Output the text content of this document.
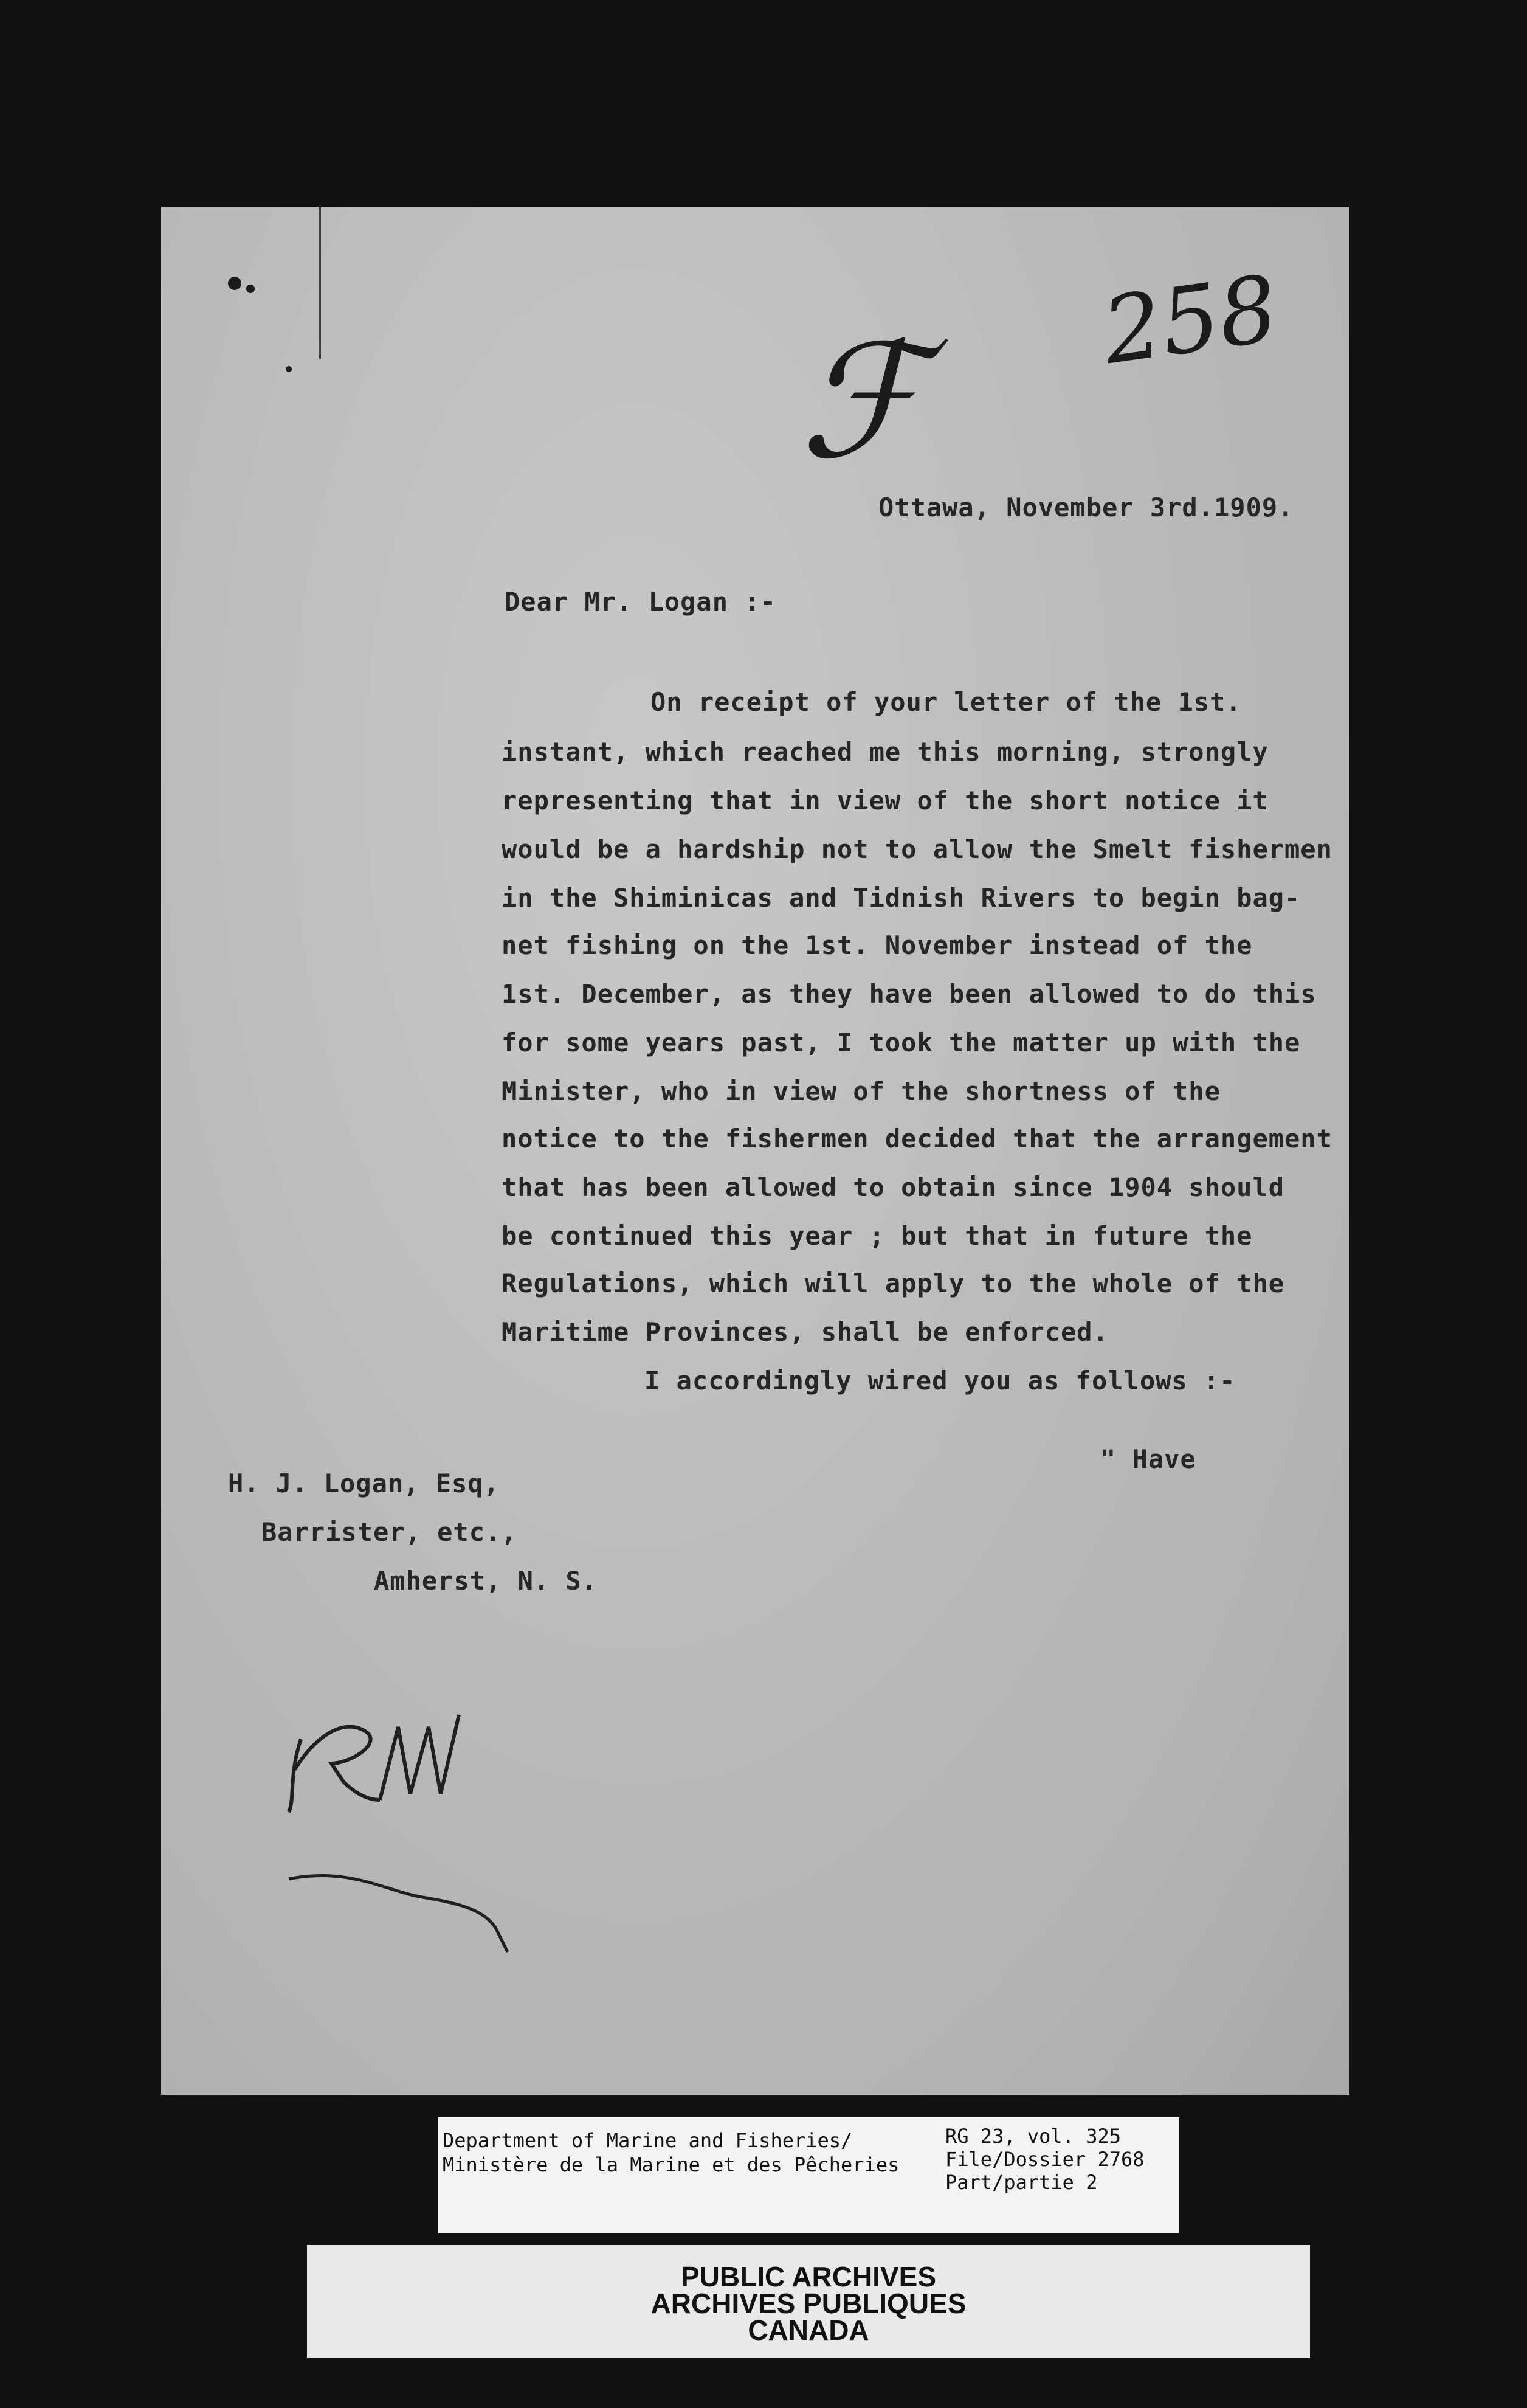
258
ℱ
Ottawa, November 3rd.1909.
Dear Mr. Logan :-
On receipt of your letter of the 1st.
instant, which reached me this morning, strongly
representing that in view of the short notice it
would be a hardship not to allow the Smelt fishermen
in the Shiminicas and Tidnish Rivers to begin bag-
net fishing on the 1st. November instead of the
1st. December, as they have been allowed to do this
for some years past, I took the matter up with the
Minister, who in view of the shortness of the
notice to the fishermen decided that the arrangement
that has been allowed to obtain since 1904 should
be continued this year ; but that in future the
Regulations, which will apply to the whole of the
Maritime Provinces, shall be enforced.
I accordingly wired you as follows :-
" Have
H. J. Logan, Esq,
Barrister, etc.,
Amherst, N. S.
Department of Marine and Fisheries/
Ministère de la Marine et des Pêcheries
RG 23, vol. 325
File/Dossier 2768
Part/partie 2
PUBLIC ARCHIVES
ARCHIVES PUBLIQUES
CANADA
